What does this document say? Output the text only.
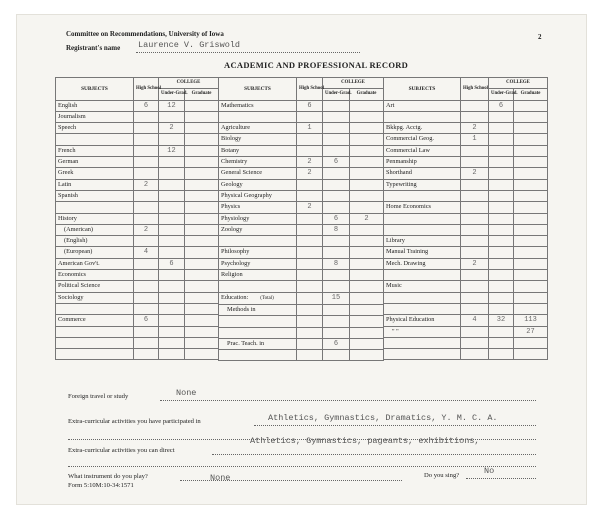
Committee on Recommendations, University of Iowa	2
Registrant's name Laurence V. Griswold
ACADEMIC AND PROFESSIONAL RECORD
SUBJECTS	High School	COLLEGE	
		Under-Grad.	Graduate
English	6	12	
Journalism			
Speech		2	

French		12	
German			
Greek			
Latin	2		
Spanish			

History			
(American)	2		
(English)			
(European)	4		
American Gov't.		6	
Economics			
Political Science			
Sociology			

Commerce	6		

SUBJECTS	High School	COLLEGE	
		Under-Grad.	Graduate
Mathematics	6		

Agriculture	1		
Biology			
Botany			
Chemistry	2	6	
General Science	2		
Geology			
Physical Geography			
Physics	2		
Physiology		6	2
Zoology		8	

Philosophy			
Psychology		8	
Religion			

Education: (Total)		15	
Methods in			

Prac. Teach. in		6	

SUBJECTS	High School	COLLEGE	
		Under-Grad.	Graduate
Art		6	

Bkkpg. Acctg.	2		
Commercial Geog.	1		
Commercial Law			
Penmanship			
Shorthand	2		
Typewriting			

Home Economics			

Library			
Manual Training			
Mech. Drawing	2		

Music			

Physical Education	4	32	113
" "			27

Foreign travel or study	None
Extra-curricular activities you have participated in	Athletics, Gymnastics, Dramatics, Y. M. C. A.
Extra-curricular activities you can direct
Athletics, Gymnastics, pageants, exhibitions,
What instrument do you play?	None	Do you sing?	No
Form 5:10M:10-34:1571
